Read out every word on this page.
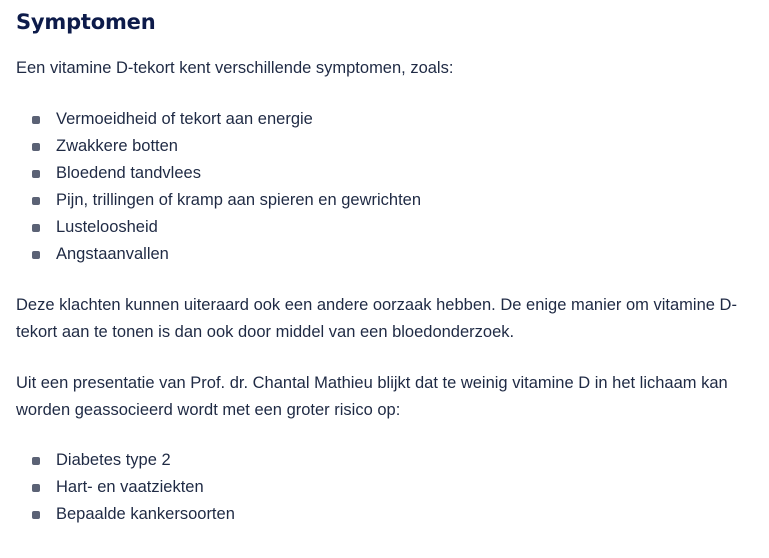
Symptomen

Een vitamine D-tekort kent verschillende symptomen, zoals:

Vermoeidheid of tekort aan energie
Zwakkere botten
Bloedend tandvlees
Pijn, trillingen of kramp aan spieren en gewrichten
Lusteloosheid
Angstaanvallen

Deze klachten kunnen uiteraard ook een andere oorzaak hebben. De enige manier om vitamine D-tekort aan te tonen is dan ook door middel van een bloedonderzoek.

Uit een presentatie van Prof. dr. Chantal Mathieu blijkt dat te weinig vitamine D in het lichaam kan worden geassocieerd wordt met een groter risico op:

Diabetes type 2
Hart- en vaatziekten
Bepaalde kankersoorten
